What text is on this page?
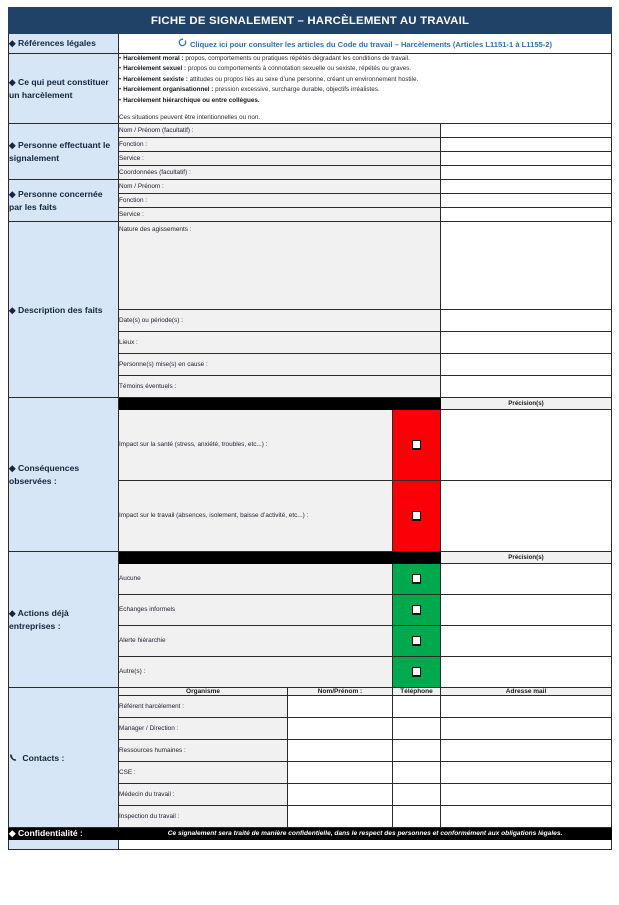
FICHE DE SIGNALEMENT – HARCÈLEMENT AU TRAVAIL				
◆ Références légales	Cliquez ici pour consulter les articles du Code du travail – Harcèlements (Articles L1151-1 à L1155-2)			

◆ Ce qui peut constituer
un harcèlement

• Harcèlement moral : propos, comportements ou pratiques répétés dégradant les conditions de travail.
• Harcèlement sexuel : propos ou comportements à connotation sexuelle ou sexiste, répétés ou graves.
• Harcèlement sexiste : attitudes ou propos liés au sexe d’une personne, créant un environnement hostile.
• Harcèlement organisationnel : pression excessive, surcharge durable, objectifs irréalistes.
• Harcèlement hiérarchique ou entre collègues.
Ces situations peuvent être intentionnelles ou non.

◆ Personne effectuant le
signalement	Nom / Prénom (facultatif) :			
	Fonction :			
	Service :			
	Coordonnées (facultatif) :			

◆ Personne concernée
par les faits	Nom / Prénom :			
	Fonction :			
	Service :			
◆ Description des faits	Nature des agissements :			
	Date(s) ou période(s) :			
	Lieux :			
	Personne(s) mise(s) en cause :			
	Témoins éventuels :			

◆ Conséquences
observées :				Précision(s)
	Impact sur la santé (stress, anxiété, troubles, etc...) :			
	Impact sur le travail (absences, isolement, baisse d’activité, etc...) :			

◆ Actions déjà
entreprises :				Précision(s)
	Aucune			
	Echanges informels			
	Alerte hiérarchie			
	Autre(s) :			
Contacts :	Organisme	Nom/Prénom :	Téléphone	Adresse mail
	Référent harcèlement :			
	Manager / Direction :			
	Ressources humaines :			
	CSE :			
	Médecin du travail :			
	Inspection du travail :			
◆ Confidentialité :	Ce signalement sera traité de manière confidentielle, dans le respect des personnes et conformément aux obligations légales.			
